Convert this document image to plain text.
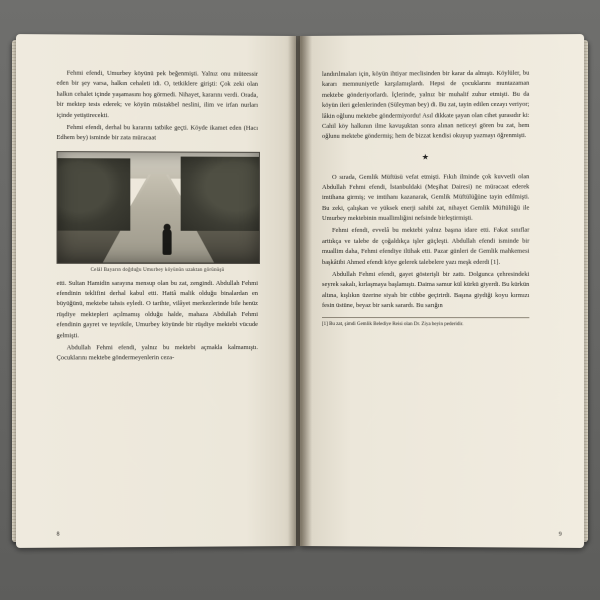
Fehmi efendi, Umurbey köyünü pek beğenmişti. Yalnız onu müteessir eden bir şey varsa, halkın cehaleti idi. O, tetkiklere girişti: Çok zeki olan halkın cehalet içinde yaşamasını hoş görmedi. Nihayet, kararını verdi. Orada, bir mektep tesis ederek; ve köyün müstakbel neslini, ilim ve irfan nurları içinde yetiştirecekti.

Fehmi efendi, derhal bu kararını tatbike geçti. Köyde ikamet eden (Hacı Edhem bey) isminde bir zata müracaat

Celâl Bayarın doğduğu Umurbey köyünün uzaktan görünüşü

etti. Sultan Hamidin sarayına mensup olan bu zat, zengindi. Abdullah Fehmi efendinin teklifini derhal kabul etti. Hattâ malik olduğu binalardan en büyüğünü, mektebe tahsis eyledi. O tarihte, vilâyet merkezlerinde bile henüz rüşdiye mektepleri açılmamış olduğu halde, mahaza Abdullah Fehmi efendinin gayret ve teşvikile, Umurbey köyünde bir rüşdiye mektebi vücude gelmişti.

Abdullah Fehmi efendi, yalnız bu mektebi açmakla kalmamıştı. Çocuklarını mektebe göndermeyenlerin ceza-

8

landırılmaları için, köyün ihtiyar meclisinden bir karar da almıştı. Köylüler, bu kararı memnuniyetle karşılamışlardı. Hepsi de çocuklarını muntazaman mektebe gönderiyorlardı. İçlerinde, yalnız bir muhalif zuhur etmişti. Bu da köyün ileri gelenlerinden (Süleyman bey) di. Bu zat, tayin edilen cezayı veriyor; lâkin oğlunu mektebe göndermiyordu! Asıl dikkate şayan olan cihet şurasıdır ki: Cahil köy halkının ilme kavuşuktan sonra alınan neticeyi gören bu zat, hem oğlunu mektebe göndermiş; hem de bizzat kendisi okuyup yazmayı öğrenmişti.

★

O sırada, Gemlik Müftüsü vefat etmişti. Fıkıh ilminde çok kuvvetli olan Abdullah Fehmi efendi, İstanbuldaki (Meşihat Dairesi) ne müracaat ederek imtihana girmiş; ve imtihanı kazanarak, Gemlik Müftülüğüne tayin edilmişti. Bu zeki, çalışkan ve yüksek enerji sahibi zat, nihayet Gemlik Müftülüğü ile Umurbey mektebinin muallimliğini nefsinde birleştirmişti.

Fehmi efendi, evvelâ bu mektebi yalnız başına idare etti. Fakat sınıflar arttıkça ve talebe de çoğaldıkça işler güçleşti. Abdullah efendi isminde bir muallim daha, Fehmi efendiye iltihak etti. Pazar günleri de Gemlik mahkemesi başkâtibi Ahmed efendi köye gelerek talebelere yazı meşk ederdi [1].

Abdullah Fehmi efendi, gayet gösterişli bir zattı. Dolgunca çehresindeki seyrek sakalı, kırlaşmaya başlamıştı. Daima samur kül kürkü giyerdi. Bu kürkün altına, kışlıkın üzerine siyah bir cübbe geçirirdi. Başına giydiği koyu kırmızı fesin üstüne, beyaz bir sarık sarardı. Bu sarığın

[1] Bu zat, şimdi Gemlik Belediye Reisi olan Dr. Ziya beyin pederidir.
9
